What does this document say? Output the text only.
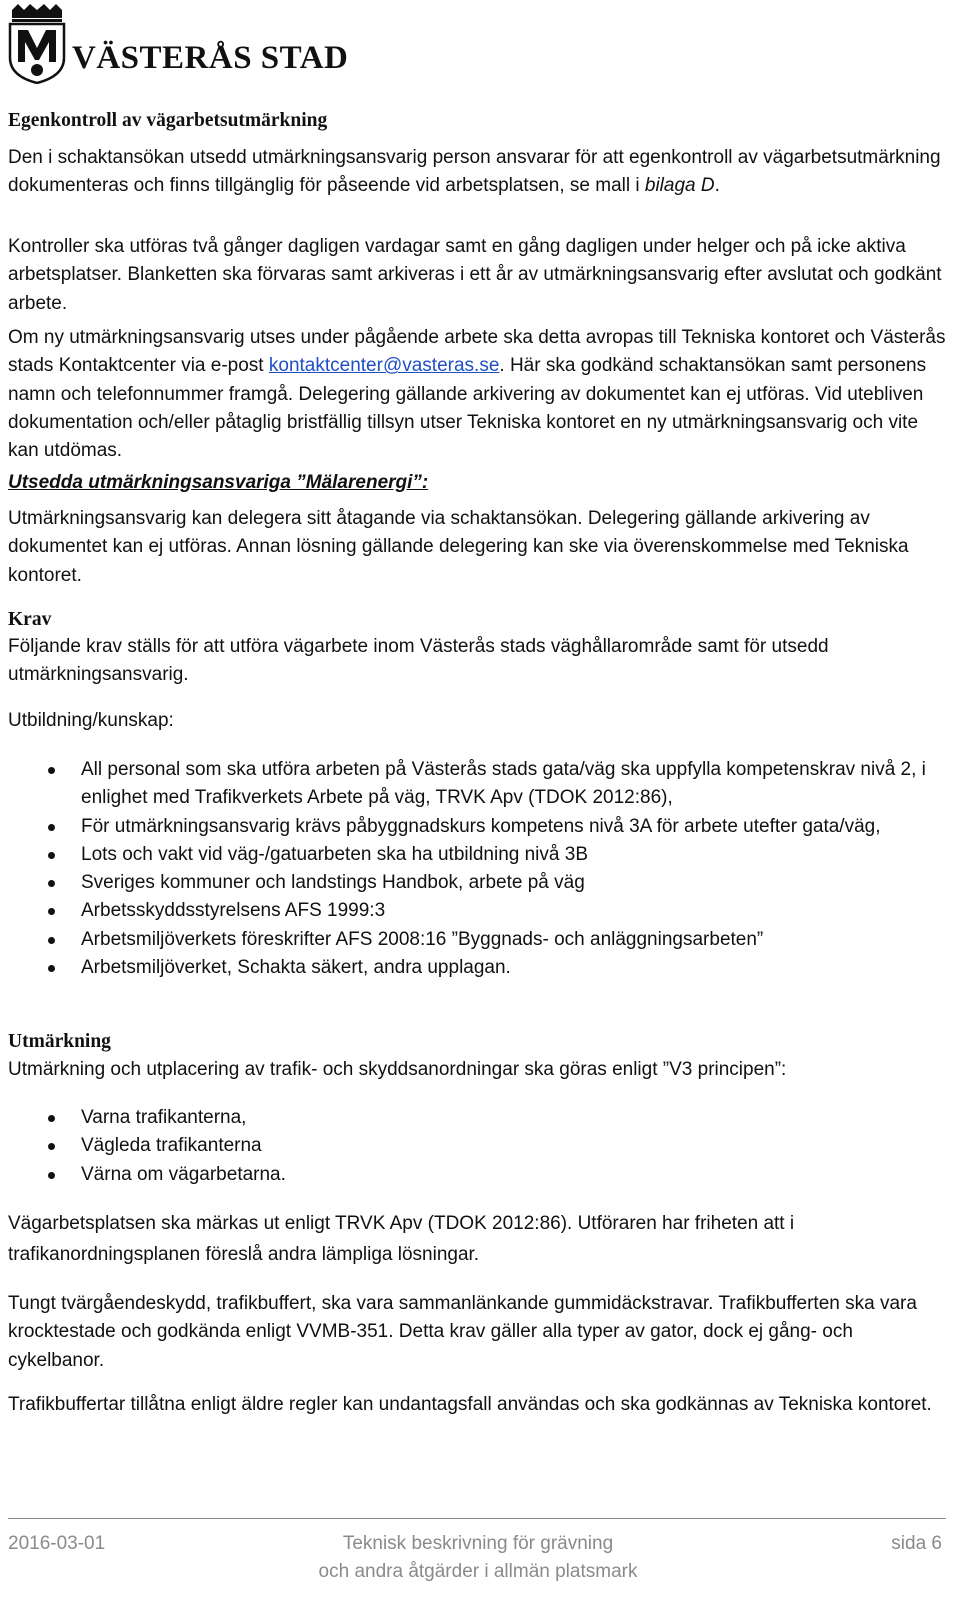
VÄSTERÅS STAD
Egenkontroll av vägarbetsutmärkning

Den i schaktansökan utsedd utmärkningsansvarig person ansvarar för att egenkontroll av vägarbetsutmärkning dokumenteras och finns tillgänglig för påseende vid arbetsplatsen, se mall i bilaga D.

Kontroller ska utföras två gånger dagligen vardagar samt en gång dagligen under helger och på icke aktiva arbetsplatser. Blanketten ska förvaras samt arkiveras i ett år av utmärkningsansvarig efter avslutat och godkänt arbete.

Om ny utmärkningsansvarig utses under pågående arbete ska detta avropas till Tekniska kontoret och Västerås stads Kontaktcenter via e-post kontaktcenter@vasteras.se. Här ska godkänd schaktansökan samt personens namn och telefonnummer framgå. Delegering gällande arkivering av dokumentet kan ej utföras. Vid utebliven dokumentation och/eller påtaglig bristfällig tillsyn utser Tekniska kontoret en ny utmärkningsansvarig och vite kan utdömas.

Utsedda utmärkningsansvariga ”Mälarenergi”:

Utmärkningsansvarig kan delegera sitt åtagande via schaktansökan. Delegering gällande arkivering av dokumentet kan ej utföras. Annan lösning gällande delegering kan ske via överenskommelse med Tekniska kontoret.

Krav

Följande krav ställs för att utföra vägarbete inom Västerås stads väghållarområde samt för utsedd utmärkningsansvarig.

Utbildning/kunskap:

All personal som ska utföra arbeten på Västerås stads gata/väg ska uppfylla kompetenskrav nivå 2, i enlighet med Trafikverkets Arbete på väg, TRVK Apv (TDOK 2012:86),
För utmärkningsansvarig krävs påbyggnadskurs kompetens nivå 3A för arbete utefter gata/väg,
Lots och vakt vid väg-/gatuarbeten ska ha utbildning nivå 3B
Sveriges kommuner och landstings Handbok, arbete på väg
Arbetsskyddsstyrelsens AFS 1999:3
Arbetsmiljöverkets föreskrifter AFS 2008:16 ”Byggnads- och anläggningsarbeten”
Arbetsmiljöverket, Schakta säkert, andra upplagan.
Utmärkning

Utmärkning och utplacering av trafik- och skyddsanordningar ska göras enligt ”V3 principen”:

Varna trafikanterna,
Vägleda trafikanterna
Värna om vägarbetarna.

Vägarbetsplatsen ska märkas ut enligt TRVK Apv (TDOK 2012:86). Utföraren har friheten att i trafikanordningsplanen föreslå andra lämpliga lösningar.

Tungt tvärgåendeskydd, trafikbuffert, ska vara sammanlänkande gummidäckstravar. Trafikbufferten ska vara krocktestade och godkända enligt VVMB-351. Detta krav gäller alla typer av gator, dock ej gång- och cykelbanor.

Trafikbuffertar tillåtna enligt äldre regler kan undantagsfall användas och ska godkännas av Tekniska kontoret.

2016-03-01	Teknisk beskrivning för grävning
och andra åtgärder i allmän platsmark
sida 6
